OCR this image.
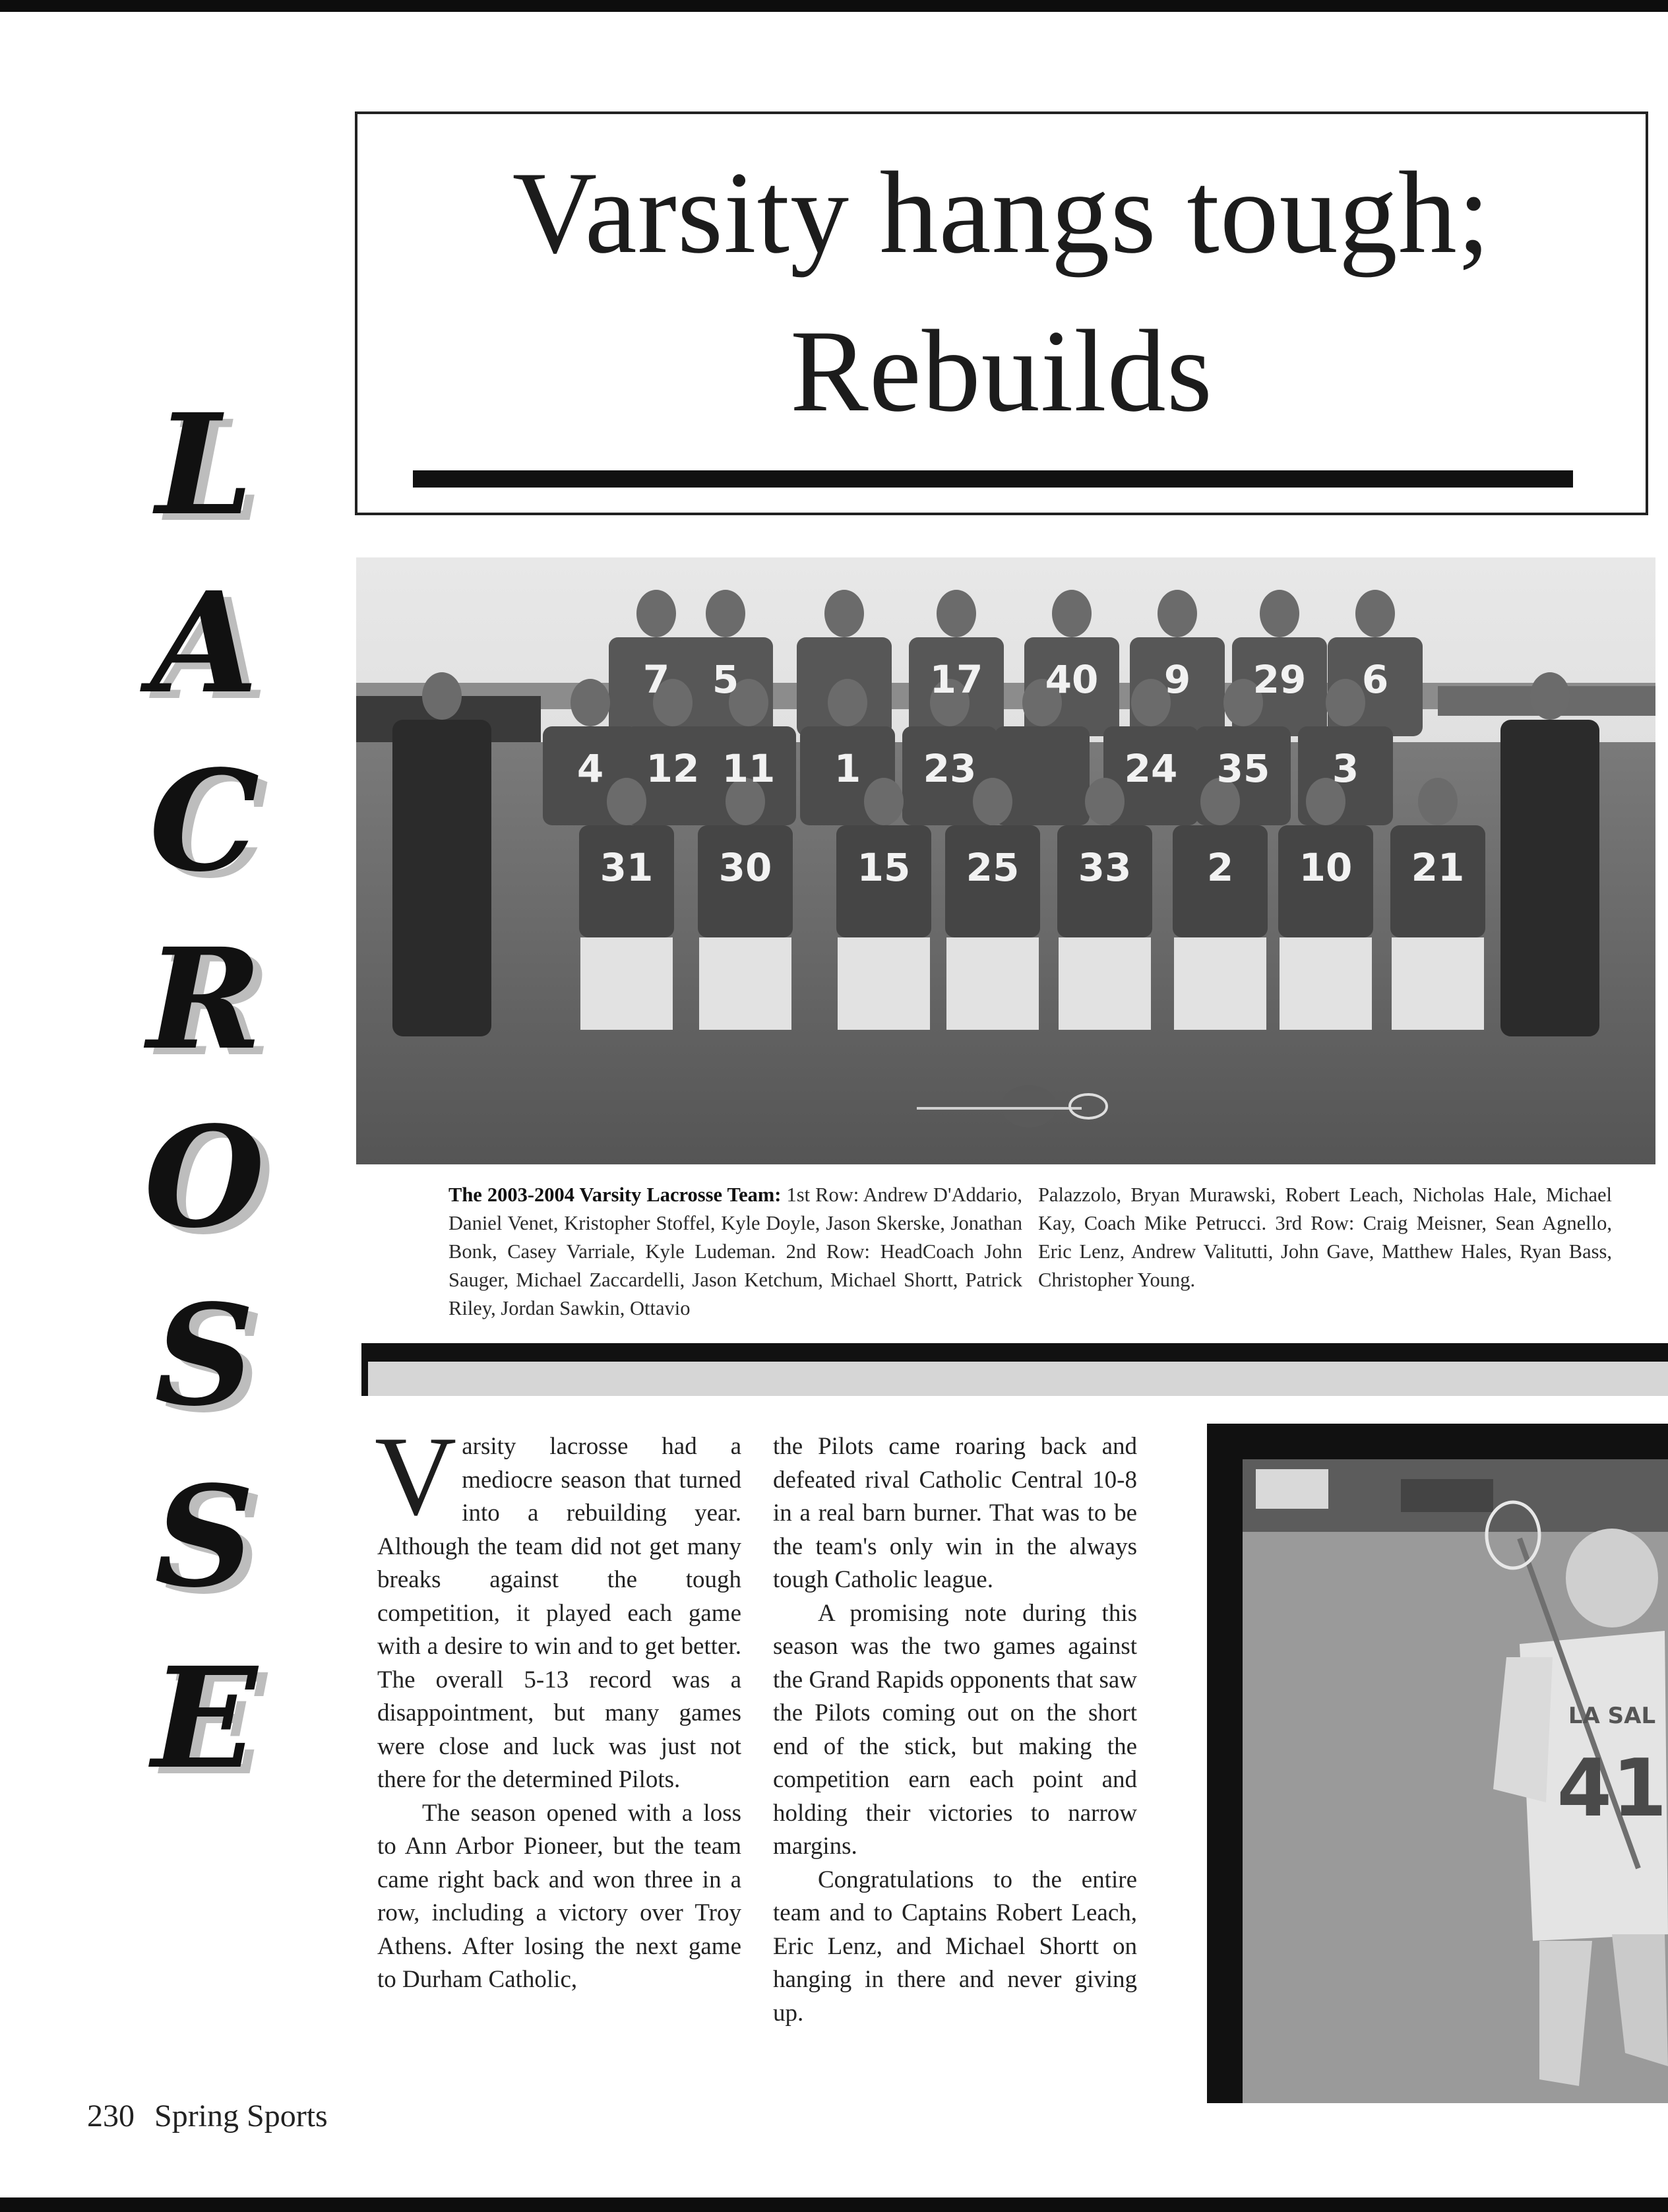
L
A
C
R
O
S
S
E
Varsity hangs tough;
Rebuilds
7 5	17 40 9 29 6
4 12 11 1 23	24 35 3
31 30 15 25 33 2 10 21
The 2003-2004 Varsity Lacrosse Team: 1st Row: Andrew D'Addario, Daniel Venet, Kristopher Stoffel, Kyle Doyle, Jason Skerske, Jonathan Bonk, Casey Varriale, Kyle Ludeman. 2nd Row: HeadCoach John Sauger, Michael Zaccardelli, Jason Ketchum, Michael Shortt, Patrick Riley, Jordan Sawkin, Ottavio
Palazzolo, Bryan Murawski, Robert Leach, Nicholas Hale, Michael Kay, Coach Mike Petrucci. 3rd Row: Craig Meisner, Sean Agnello, Eric Lenz, Andrew Valitutti, John Gave, Matthew Hales, Ryan Bass, Christopher Young.

Varsity lacrosse had a mediocre season that turned into a rebuilding year. Although the team did not get many breaks against the tough competition, it played each game with a desire to win and to get better. The overall 5-13 record was a disappointment, but many games were close and luck was just not there for the determined Pilots.

The season opened with a loss to Ann Arbor Pioneer, but the team came right back and won three in a row, including a victory over Troy Athens. After losing the next game to Durham Catholic,

the Pilots came roaring back and defeated rival Catholic Central 10-8 in a real barn burner. That was to be the team's only win in the always tough Catholic league.

A promising note during this season was the two games against the Grand Rapids opponents that saw the Pilots coming out on the short end of the stick, but making the competition earn each point and holding their victories to narrow margins.

Congratulations to the entire team and to Captains Robert Leach, Eric Lenz, and Michael Shortt on hanging in there and never giving up.

LA SAL
41
230 Spring Sports
